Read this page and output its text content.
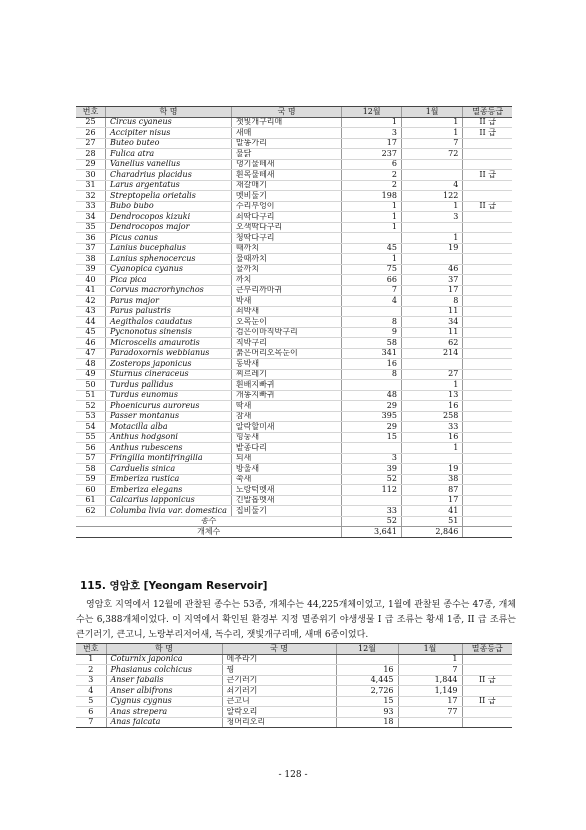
번호	학 명	국 명	12월	1월	멸종등급
25	Circus cyaneus	잿빛개구리매	1	1	II 급
26	Accipiter nisus	새매	3	1	II 급
27	Buteo buteo	말똥가리	17	7	
28	Fulica atra	물닭	237	72	
29	Vanellus vanellus	댕기물떼새	6		
30	Charadrius placidus	흰목물떼새	2		II 급
31	Larus argentatus	재갈매기	2	4	
32	Streptopelia orietalis	멧비둘기	198	122	
33	Bubo bubo	수리부엉이	1	1	II 급
34	Dendrocopos kizuki	쇠딱다구리	1	3	
35	Dendrocopos major	오색딱다구리	1		
36	Picus canus	청딱다구리		1	
37	Lanius bucephalus	때까치	45	19	
38	Lanius sphenocercus	물때까치	1		
39	Cyanopica cyanus	물까치	75	46	
40	Pica pica	까치	66	37	
41	Corvus macrorhynchos	큰부리까마귀	7	17	
42	Parus major	박새	4	8	
43	Parus palustris	쇠박새		11	
44	Aegithalos caudatus	오목눈이	8	34	
45	Pycnonotus sinensis	검은이마직박구리	9	11	
46	Microscelis amaurotis	직박구리	58	62	
47	Paradoxornis webbianus	붉은머리오목눈이	341	214	
48	Zosterops japonicus	동박새	16		
49	Sturnus cineraceus	찌르레기	8	27	
50	Turdus pallidus	흰배지빠귀		1	
51	Turdus eunomus	개똥지빠귀	48	13	
52	Phoenicurus auroreus	딱새	29	16	
53	Passer montanus	참새	395	258	
54	Motacilla alba	알락할미새	29	33	
55	Anthus hodgsoni	힝둥새	15	16	
56	Anthus rubescens	밭종다리		1	
57	Fringilla montifringilla	되새	3		
58	Carduelis sinica	방울새	39	19	
59	Emberiza rustica	쑥새	52	38	
60	Emberiza elegans	노랑턱멧새	112	87	
61	Calcarius lapponicus	긴발톱멧새		17	
62	Columba livia var. domestica	집비둘기	33	41	
종수			52	51	
개체수			3,641	2,846	
115. 영암호 [Yeongam Reservoir]

영암호 지역에서 12월에 관찰된 종수는 53종, 개체수는 44,225개체이었고, 1월에 관찰된 종수는 47종, 개체수는 6,388개체이었다. 이 지역에서 확인된 환경부 지정 멸종위기 야생생물 I 급 조류는 황새 1종, II 급 조류는 큰기러기, 큰고니, 노랑부리저어새, 독수리, 잿빛개구리매, 새매 6종이었다.

번호	학 명	국 명	12월	1월	멸종등급
1	Coturnix japonica	메추라기		1	
2	Phasianus colchicus	꿩	16	7	
3	Anser fabalis	큰기러기	4,445	1,844	II 급
4	Anser albifrons	쇠기러기	2,726	1,149	
5	Cygnus cygnus	큰고니	15	17	II 급
6	Anas strepera	알락오리	93	77	
7	Anas falcata	청머리오리	18		
- 128 -
